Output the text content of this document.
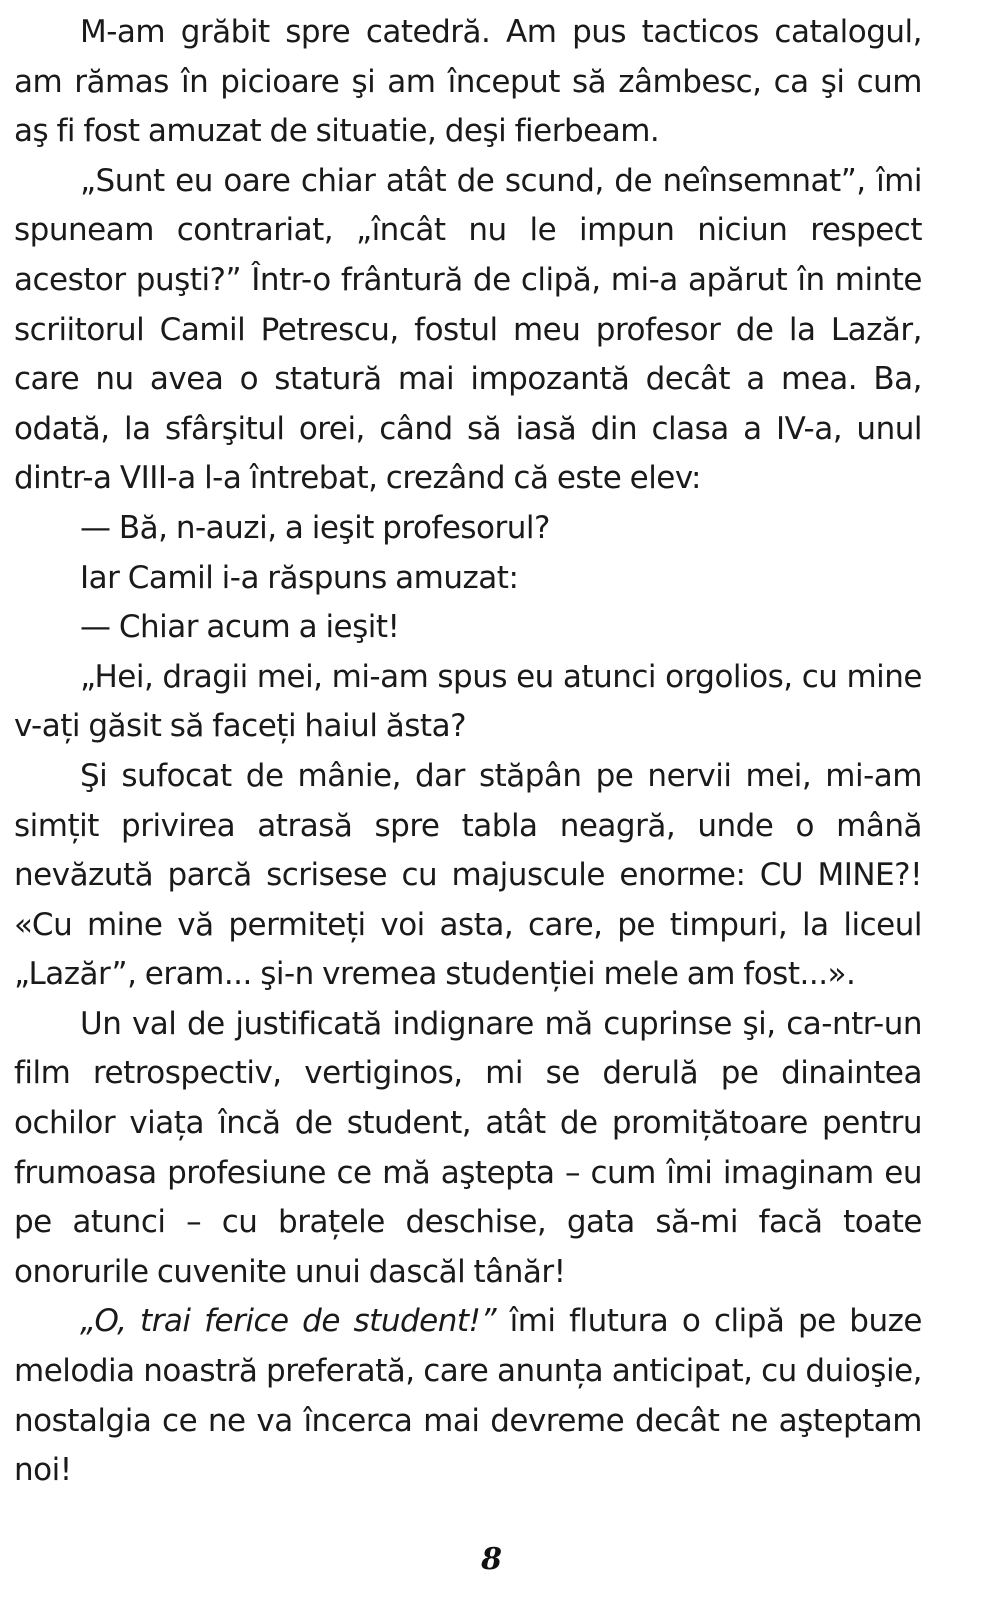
M-am grăbit spre catedră. Am pus tacticos catalogul, am rămas în picioare şi am început să zâmbesc, ca şi cum aş fi fost amuzat de situatie, deşi fierbeam.

„Sunt eu oare chiar atât de scund, de neînsemnat”, îmi spuneam contrariat, „încât nu le impun niciun respect acestor puşti?” Într-o frântură de clipă, mi-a apărut în minte scriitorul Camil Petrescu, fostul meu profesor de la Lazăr, care nu avea o statură mai impozantă decât a mea. Ba, odată, la sfârşitul orei, când să iasă din clasa a IV-a, unul dintr-a VIII-a l-a întrebat, crezând că este elev:

— Bă, n-auzi, a ieşit profesorul?

Iar Camil i-a răspuns amuzat:

— Chiar acum a ieşit!

„Hei, dragii mei, mi-am spus eu atunci orgolios, cu mine v-ați găsit să faceți haiul ăsta?

Şi sufocat de mânie, dar stăpân pe nervii mei, mi-am simțit privirea atrasă spre tabla neagră, unde o mână nevăzută parcă scrisese cu majuscule enorme: CU MINE?! «Cu mine vă permiteți voi asta, care, pe timpuri, la liceul „Lazăr”, eram... şi-n vremea studenției mele am fost...».

Un val de justificată indignare mă cuprinse şi, ca-ntr-un film retrospectiv, vertiginos, mi se derulă pe dinaintea ochilor viața încă de student, atât de promițătoare pentru frumoasa profesiune ce mă aştepta – cum îmi imaginam eu pe atunci – cu brațele deschise, gata să-mi facă toate onorurile cuvenite unui dascăl tânăr!

„O, trai ferice de student!” îmi flutura o clipă pe buze melodia noastră preferată, care anunța anticipat, cu duioşie, nostalgia ce ne va încerca mai devreme decât ne aşteptam noi!

8
